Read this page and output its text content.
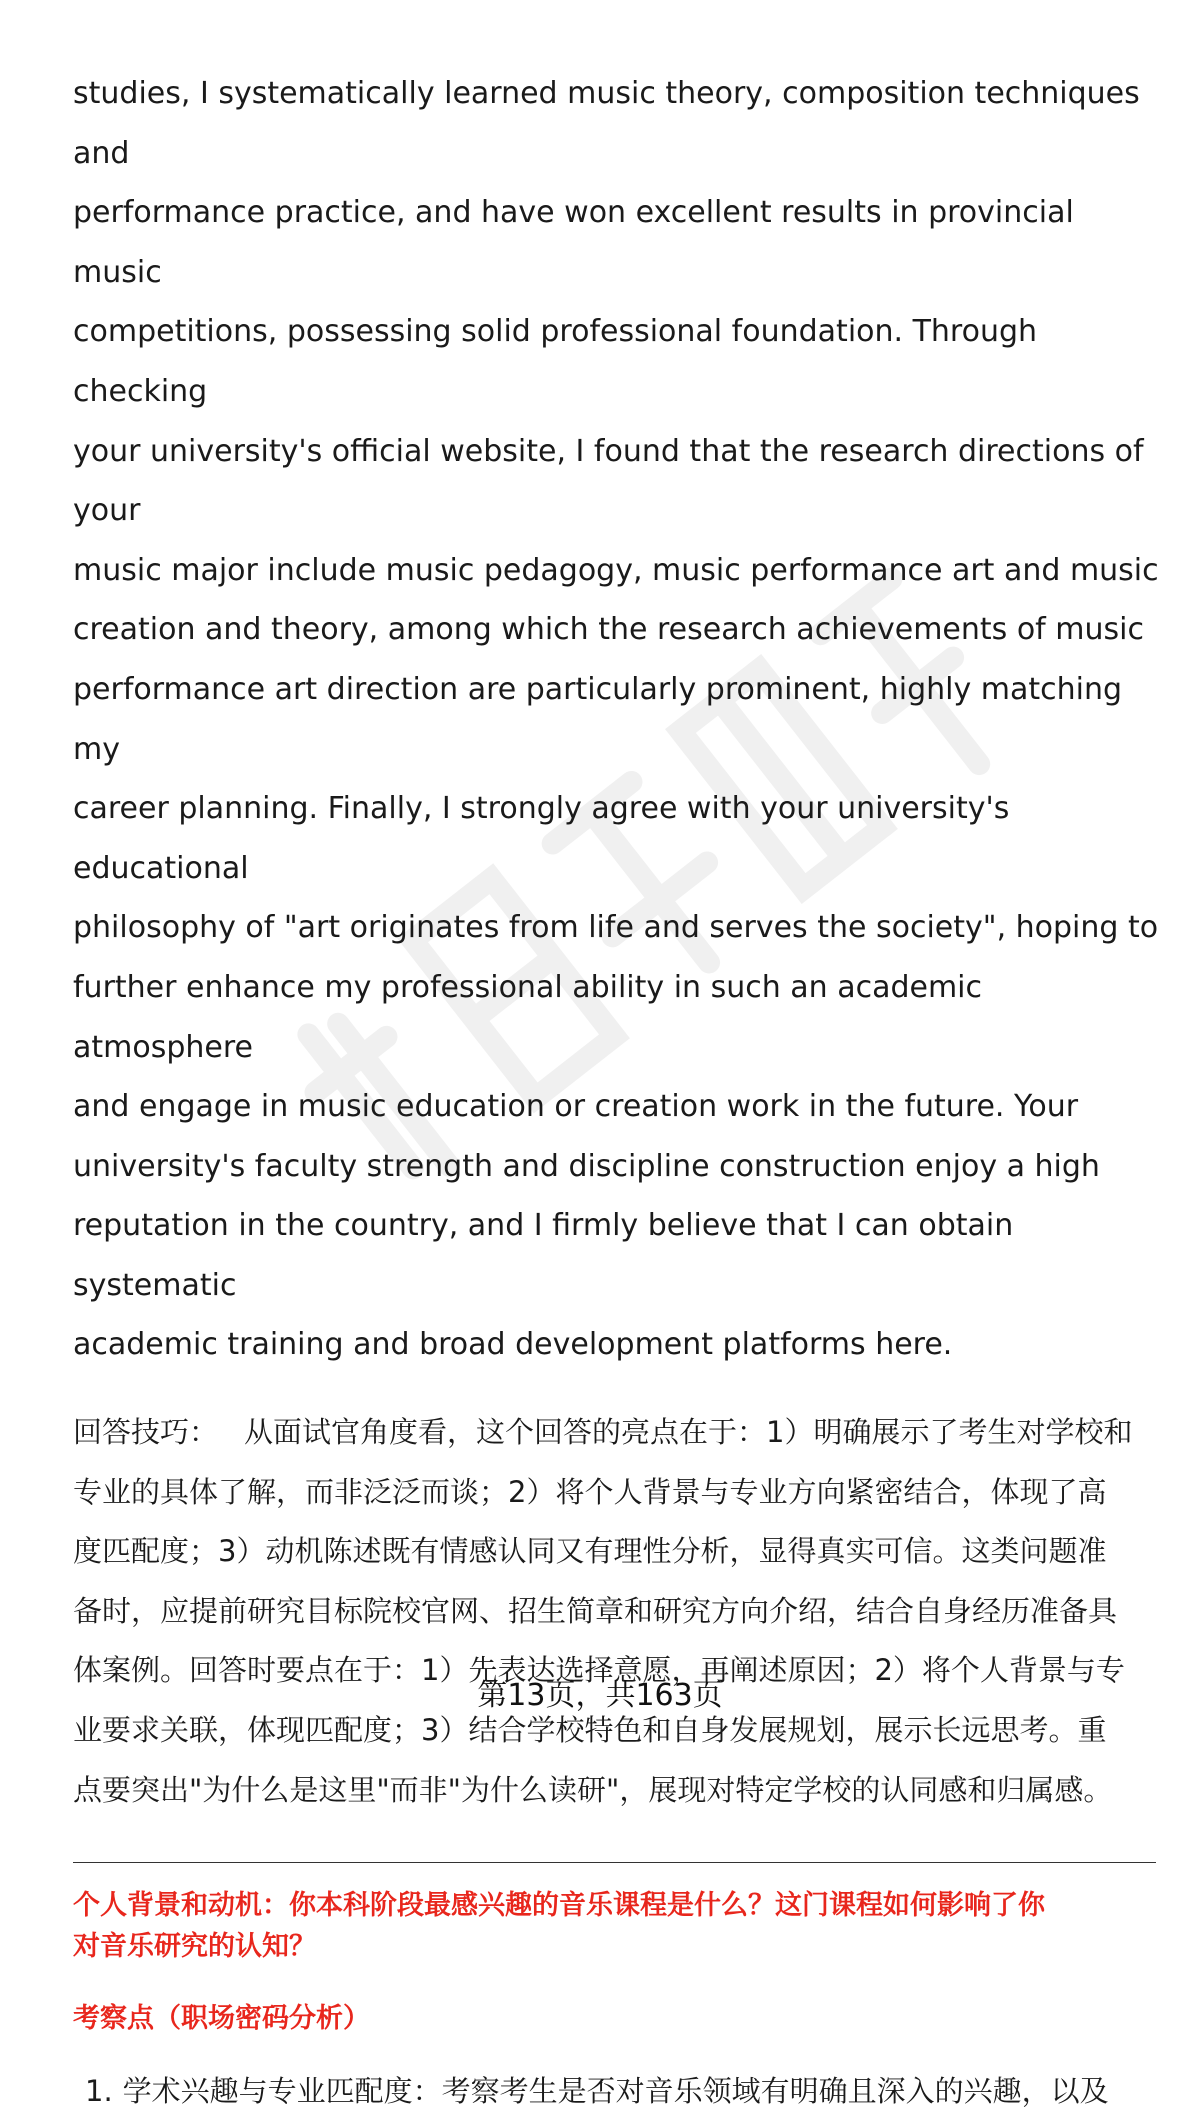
studies, I systematically learned music theory, composition techniques and
performance practice, and have won excellent results in provincial music
competitions, possessing solid professional foundation. Through checking
your university's official website, I found that the research directions of your
music major include music pedagogy, music performance art and music
creation and theory, among which the research achievements of music
performance art direction are particularly prominent, highly matching my
career planning. Finally, I strongly agree with your university's educational
philosophy of "art originates from life and serves the society", hoping to
further enhance my professional ability in such an academic atmosphere
and engage in music education or creation work in the future. Your
university's faculty strength and discipline construction enjoy a high
reputation in the country, and I firmly believe that I can obtain systematic
academic training and broad development platforms here.
回答技巧： 从面试官角度看，这个回答的亮点在于：1）明确展示了考生对学校和
专业的具体了解，而非泛泛而谈；2）将个人背景与专业方向紧密结合，体现了高
度匹配度；3）动机陈述既有情感认同又有理性分析，显得真实可信。这类问题准
备时，应提前研究目标院校官网、招生简章和研究方向介绍，结合自身经历准备具
体案例。回答时要点在于：1）先表达选择意愿，再阐述原因；2）将个人背景与专
业要求关联，体现匹配度；3）结合学校特色和自身发展规划，展示长远思考。重
点要突出"为什么是这里"而非"为什么读研"，展现对特定学校的认同感和归属感。
个人背景和动机：你本科阶段最感兴趣的音乐课程是什么？这门课程如何影响了你
对音乐研究的认知？
考察点（职场密码分析）
1. 学术兴趣与专业匹配度：考察考生是否对音乐领域有明确且深入的兴趣，以及
第13页，共163页
